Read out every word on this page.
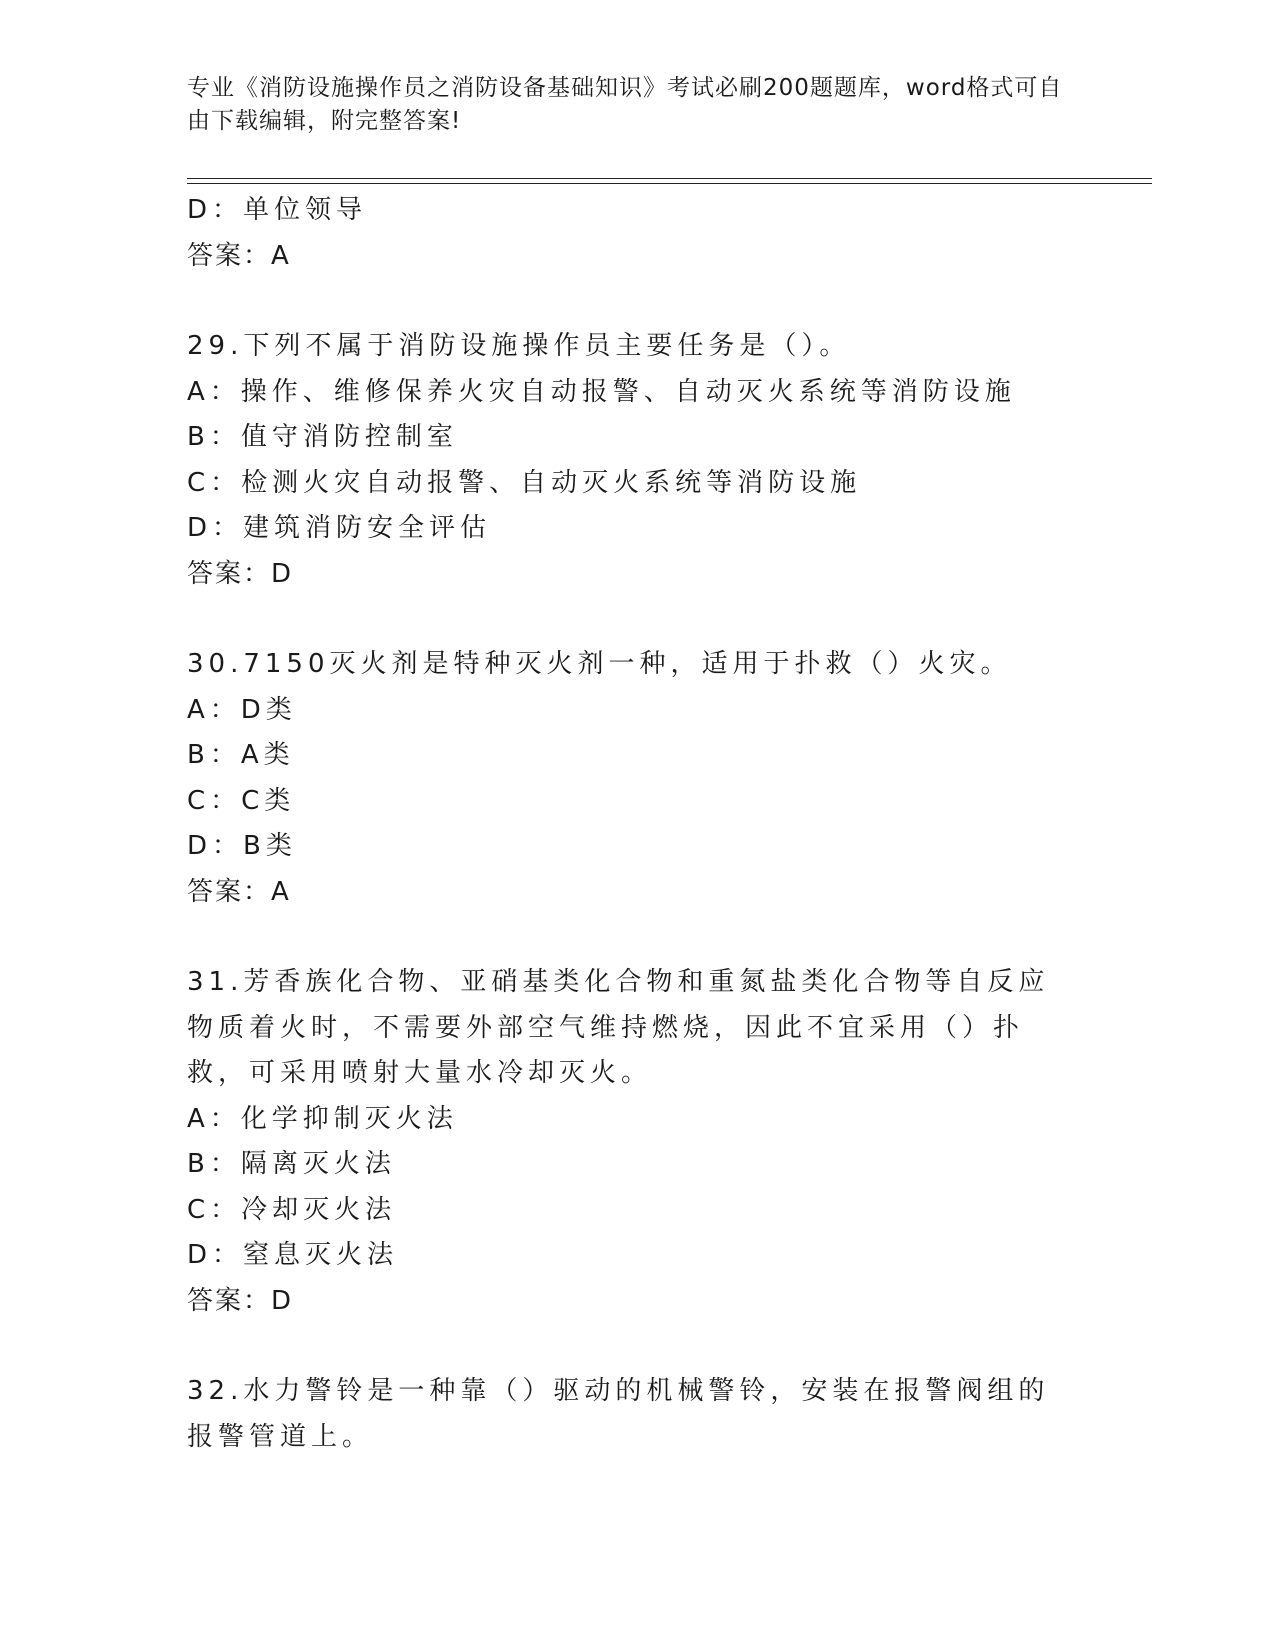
专业《消防设施操作员之消防设备基础知识》考试必刷200题题库，word格式可自由下载编辑，附完整答案!
D：单位领导
答案：A
29.下列不属于消防设施操作员主要任务是（）。
A：操作、维修保养火灾自动报警、自动灭火系统等消防设施
B：值守消防控制室
C：检测火灾自动报警、自动灭火系统等消防设施
D：建筑消防安全评估
答案：D
30.7150灭火剂是特种灭火剂一种，适用于扑救（）火灾。
A：D类
B：A类
C：C类
D：B类
答案：A
31.芳香族化合物、亚硝基类化合物和重氮盐类化合物等自反应物质着火时，不需要外部空气维持燃烧，因此不宜采用（）扑救，可采用喷射大量水冷却灭火。
A：化学抑制灭火法
B：隔离灭火法
C：冷却灭火法
D：窒息灭火法
答案：D
32.水力警铃是一种靠（）驱动的机械警铃，安装在报警阀组的报警管道上。
